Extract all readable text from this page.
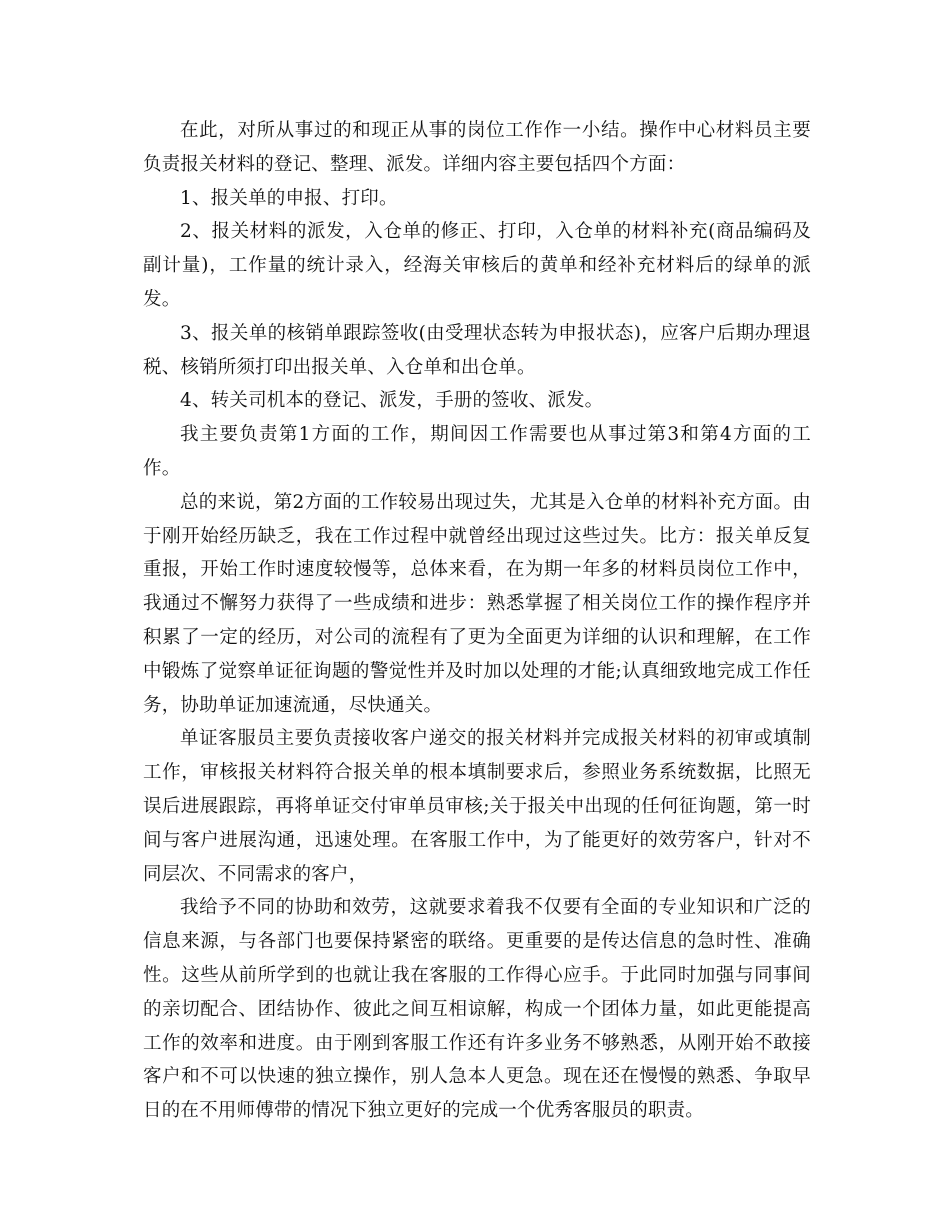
在此，对所从事过的和现正从事的岗位工作作一小结。操作中心材料员主要负责报关材料的登记、整理、派发。详细内容主要包括四个方面：

1、报关单的申报、打印。

2、报关材料的派发，入仓单的修正、打印，入仓单的材料补充(商品编码及副计量)，工作量的统计录入，经海关审核后的黄单和经补充材料后的绿单的派发。

3、报关单的核销单跟踪签收(由受理状态转为申报状态)，应客户后期办理退税、核销所须打印出报关单、入仓单和出仓单。

4、转关司机本的登记、派发，手册的签收、派发。

我主要负责第1方面的工作，期间因工作需要也从事过第3和第4方面的工作。

总的来说，第2方面的工作较易出现过失，尤其是入仓单的材料补充方面。由于刚开始经历缺乏，我在工作过程中就曾经出现过这些过失。比方：报关单反复重报，开始工作时速度较慢等，总体来看，在为期一年多的材料员岗位工作中，我通过不懈努力获得了一些成绩和进步：熟悉掌握了相关岗位工作的操作程序并积累了一定的经历，对公司的流程有了更为全面更为详细的认识和理解，在工作中锻炼了觉察单证征询题的警觉性并及时加以处理的才能;认真细致地完成工作任务，协助单证加速流通，尽快通关。

单证客服员主要负责接收客户递交的报关材料并完成报关材料的初审或填制工作，审核报关材料符合报关单的根本填制要求后，参照业务系统数据，比照无误后进展跟踪，再将单证交付审单员审核;关于报关中出现的任何征询题，第一时间与客户进展沟通，迅速处理。在客服工作中，为了能更好的效劳客户，针对不同层次、不同需求的客户，

我给予不同的协助和效劳，这就要求着我不仅要有全面的专业知识和广泛的信息来源，与各部门也要保持紧密的联络。更重要的是传达信息的急时性、准确性。这些从前所学到的也就让我在客服的工作得心应手。于此同时加强与同事间的亲切配合、团结协作、彼此之间互相谅解，构成一个团体力量，如此更能提高工作的效率和进度。由于刚到客服工作还有许多业务不够熟悉，从刚开始不敢接客户和不可以快速的独立操作，别人急本人更急。现在还在慢慢的熟悉、争取早日的在不用师傅带的情况下独立更好的完成一个优秀客服员的职责。
